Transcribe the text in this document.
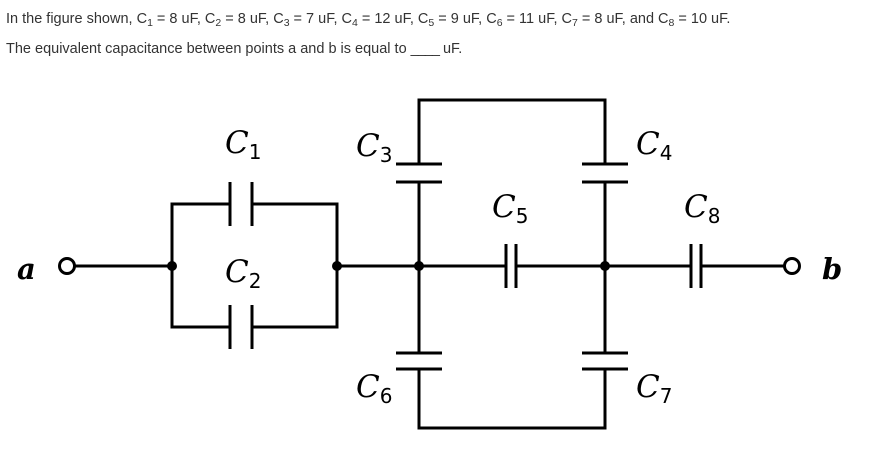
In the figure shown, $C_1 = 8$ uF, $C_2 = 8$ uF, $C_3 = 7$ uF, $C_4 = 12$ uF, $C_5 = 9$ uF, $C_6 = 11$ uF, $C_7 = 8$ uF, and $C_8 = 10$ uF.

The equivalent capacitance between points a and b is equal to ____ uF.

a	b
C1
C2
C3	C4
C5
C6	C7
C8
